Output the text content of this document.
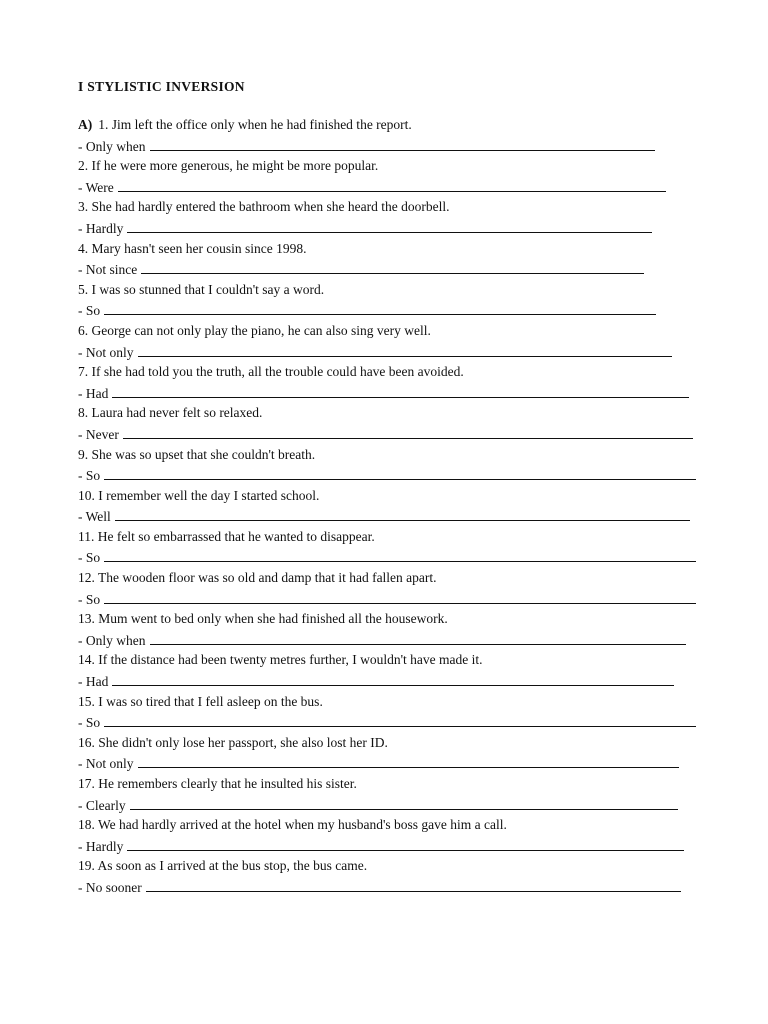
I STYLISTIC INVERSION
A) 1. Jim left the office only when he had finished the report.
- Only when
2. If he were more generous, he might be more popular.
- Were
3. She had hardly entered the bathroom when she heard the doorbell.
- Hardly
4. Mary hasn't seen her cousin since 1998.
- Not since
5. I was so stunned that I couldn't say a word.
- So
6. George can not only play the piano, he can also sing very well.
- Not only
7. If she had told you the truth, all the trouble could have been avoided.
- Had
8. Laura had never felt so relaxed.
- Never
9. She was so upset that she couldn't breath.
- So
10. I remember well the day I started school.
- Well
11. He felt so embarrassed that he wanted to disappear.
- So
12. The wooden floor was so old and damp that it had fallen apart.
- So
13. Mum went to bed only when she had finished all the housework.
- Only when
14. If the distance had been twenty metres further, I wouldn't have made it.
- Had
15. I was so tired that I fell asleep on the bus.
- So
16. She didn't only lose her passport, she also lost her ID.
- Not only
17. He remembers clearly that he insulted his sister.
- Clearly
18. We had hardly arrived at the hotel when my husband's boss gave him a call.
- Hardly
19. As soon as I arrived at the bus stop, the bus came.
- No sooner
